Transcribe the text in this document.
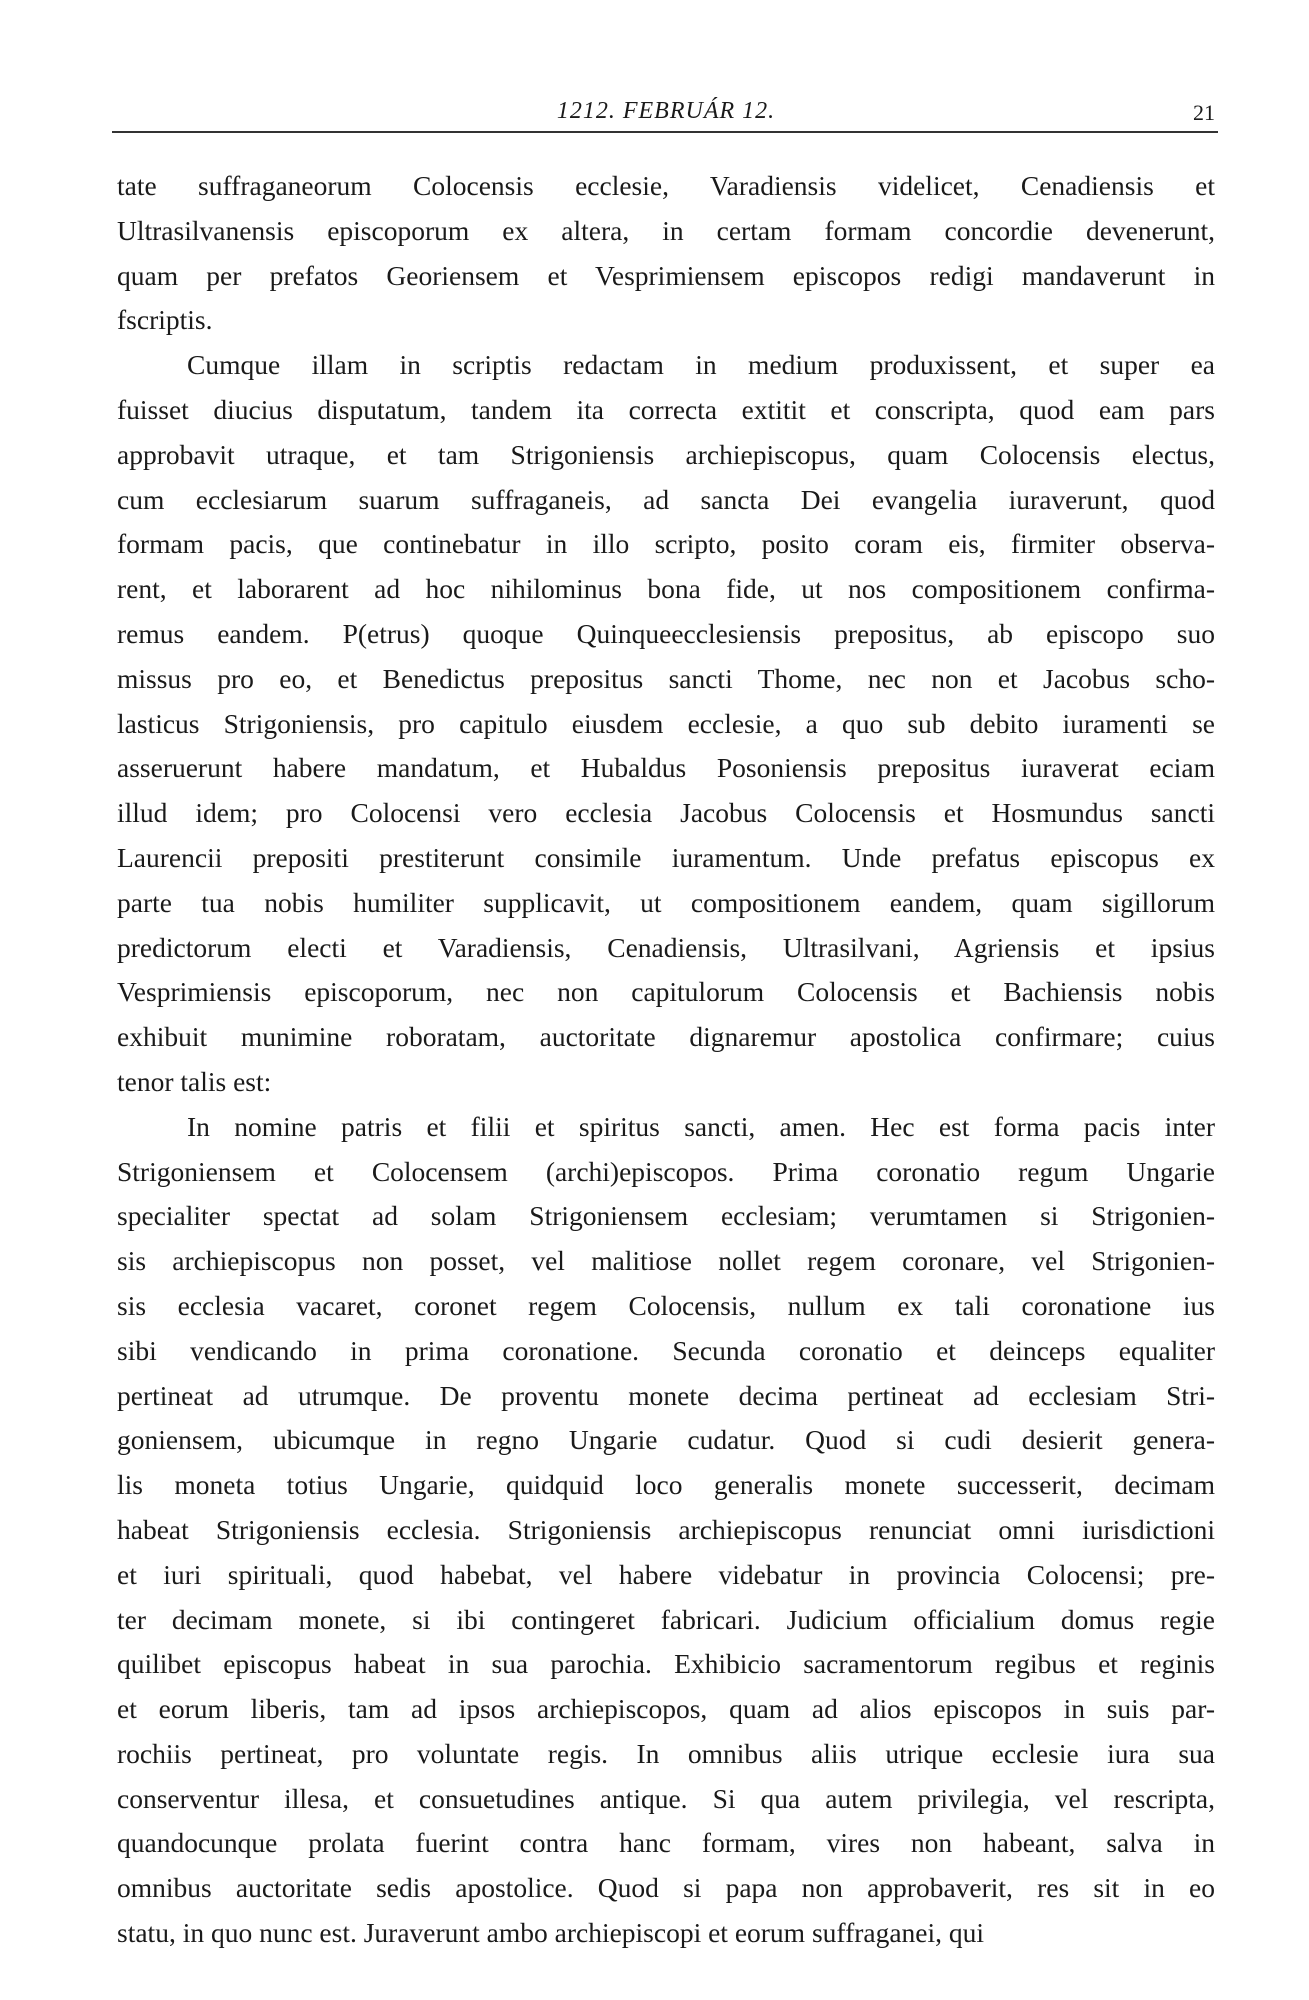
1212. FEBRUÁR 12.	21
tate suffraganeorum Colocensis ecclesie, Varadiensis videlicet, Cenadiensis et
Ultrasilvanensis episcoporum ex altera, in certam formam concordie devenerunt,
quam per prefatos Georiensem et Vesprimiensem episcopos redigi mandaverunt in
fscriptis.
Cumque illam in scriptis redactam in medium produxissent, et super ea
fuisset diucius disputatum, tandem ita correcta extitit et conscripta, quod eam pars
approbavit utraque, et tam Strigoniensis archiepiscopus, quam Colocensis electus,
cum ecclesiarum suarum suffraganeis, ad sancta Dei evangelia iuraverunt, quod
formam pacis, que continebatur in illo scripto, posito coram eis, firmiter observa-
rent, et laborarent ad hoc nihilominus bona fide, ut nos compositionem confirma-
remus eandem. P(etrus) quoque Quinqueecclesiensis prepositus, ab episcopo suo
missus pro eo, et Benedictus prepositus sancti Thome, nec non et Jacobus scho-
lasticus Strigoniensis, pro capitulo eiusdem ecclesie, a quo sub debito iuramenti se
asseruerunt habere mandatum, et Hubaldus Posoniensis prepositus iuraverat eciam
illud idem; pro Colocensi vero ecclesia Jacobus Colocensis et Hosmundus sancti
Laurencii prepositi prestiterunt consimile iuramentum. Unde prefatus episcopus ex
parte tua nobis humiliter supplicavit, ut compositionem eandem, quam sigillorum
predictorum electi et Varadiensis, Cenadiensis, Ultrasilvani, Agriensis et ipsius
Vesprimiensis episcoporum, nec non capitulorum Colocensis et Bachiensis nobis
exhibuit munimine roboratam, auctoritate dignaremur apostolica confirmare; cuius
tenor talis est:
In nomine patris et filii et spiritus sancti, amen. Hec est forma pacis inter
Strigoniensem et Colocensem (archi)episcopos. Prima coronatio regum Ungarie
specialiter spectat ad solam Strigoniensem ecclesiam; verumtamen si Strigonien-
sis archiepiscopus non posset, vel malitiose nollet regem coronare, vel Strigonien-
sis ecclesia vacaret, coronet regem Colocensis, nullum ex tali coronatione ius
sibi vendicando in prima coronatione. Secunda coronatio et deinceps equaliter
pertineat ad utrumque. De proventu monete decima pertineat ad ecclesiam Stri-
goniensem, ubicumque in regno Ungarie cudatur. Quod si cudi desierit genera-
lis moneta totius Ungarie, quidquid loco generalis monete successerit, decimam
habeat Strigoniensis ecclesia. Strigoniensis archiepiscopus renunciat omni iurisdictioni
et iuri spirituali, quod habebat, vel habere videbatur in provincia Colocensi; pre-
ter decimam monete, si ibi contingeret fabricari. Judicium officialium domus regie
quilibet episcopus habeat in sua parochia. Exhibicio sacramentorum regibus et reginis
et eorum liberis, tam ad ipsos archiepiscopos, quam ad alios episcopos in suis par-
rochiis pertineat, pro voluntate regis. In omnibus aliis utrique ecclesie iura sua
conserventur illesa, et consuetudines antique. Si qua autem privilegia, vel rescripta,
quandocunque prolata fuerint contra hanc formam, vires non habeant, salva in
omnibus auctoritate sedis apostolice. Quod si papa non approbaverit, res sit in eo
statu, in quo nunc est. Juraverunt ambo archiepiscopi et eorum suffraganei, qui
